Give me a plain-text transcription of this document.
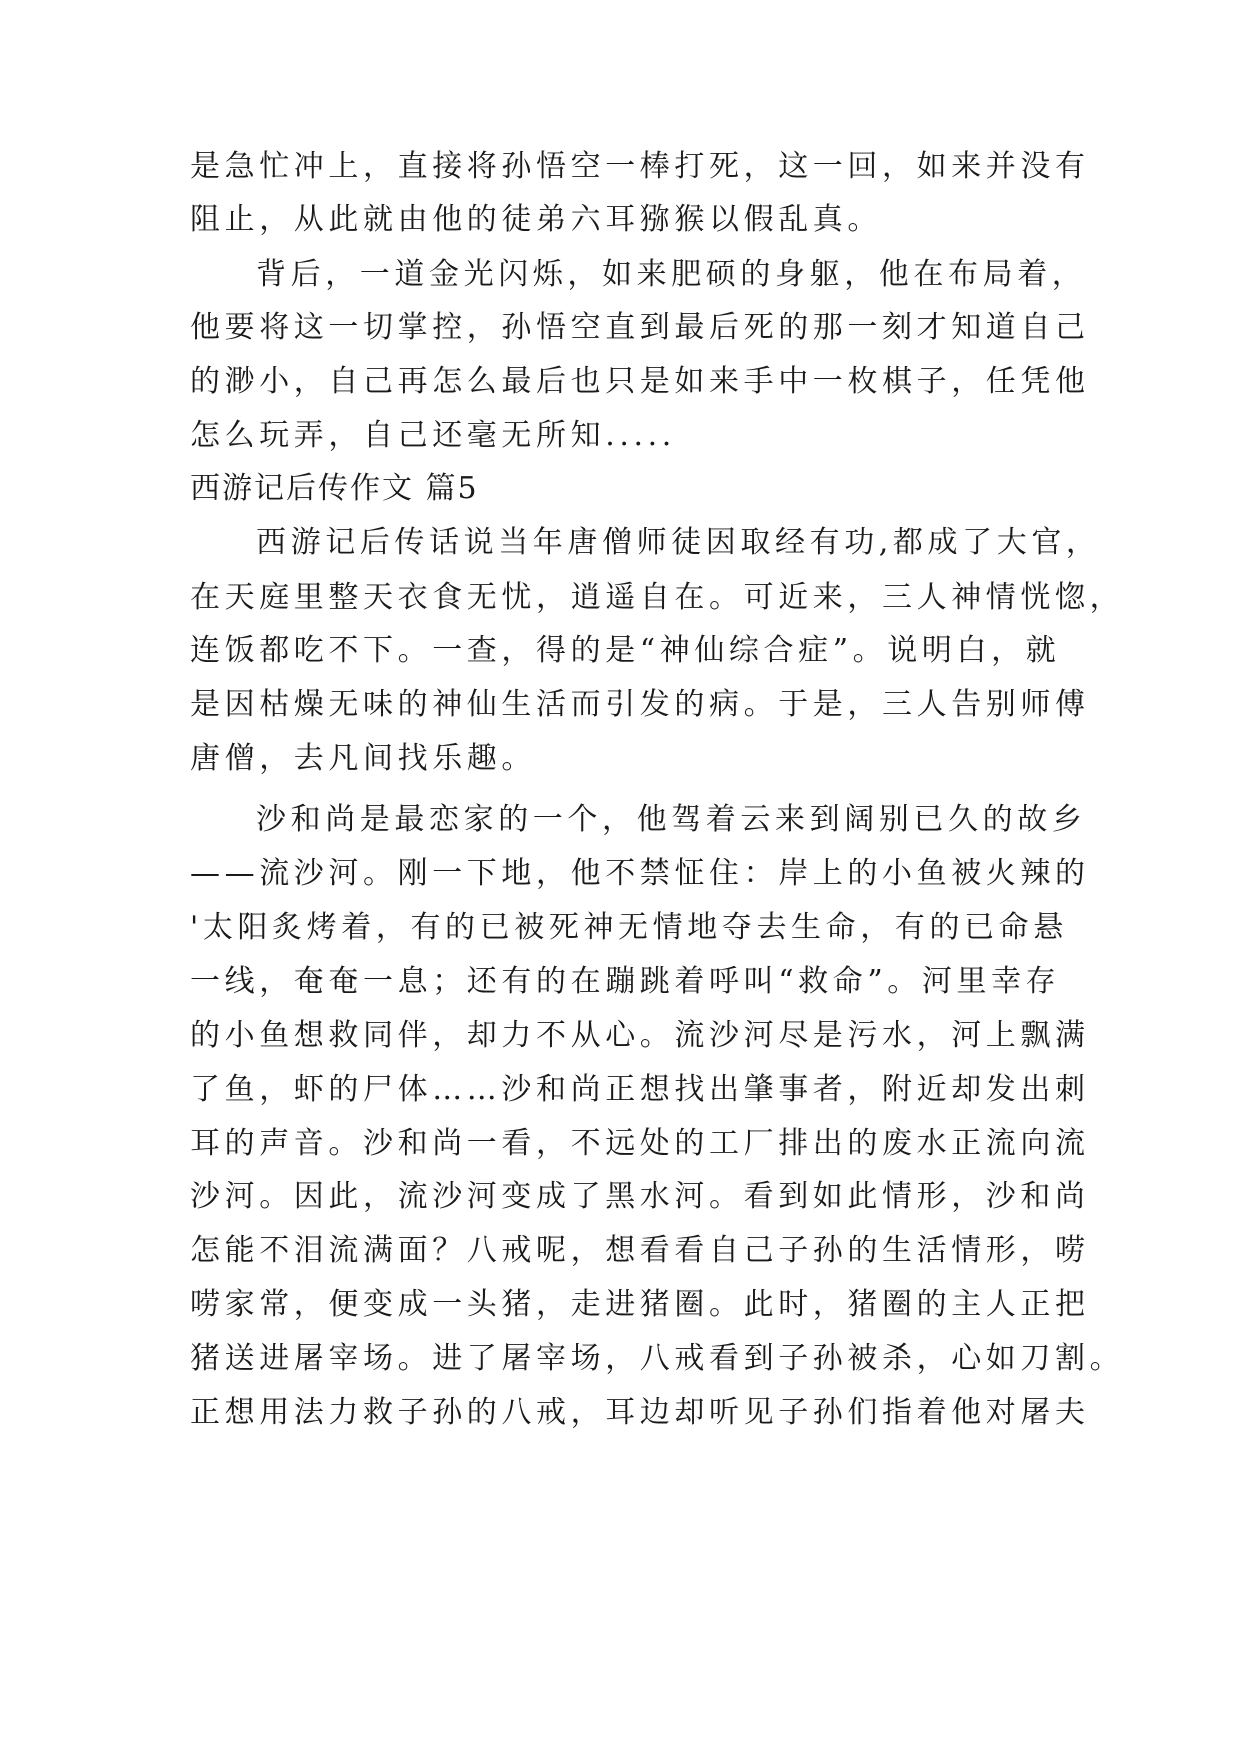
是急忙冲上，直接将孙悟空一棒打死，这一回，如来并没有
阻止，从此就由他的徒弟六耳猕猴以假乱真。
背后，一道金光闪烁，如来肥硕的身躯，他在布局着，
他要将这一切掌控，孙悟空直到最后死的那一刻才知道自己
的渺小，自己再怎么最后也只是如来手中一枚棋子，任凭他
怎么玩弄，自己还毫无所知.....
西游记后传作文 篇5
西游记后传话说当年唐僧师徒因取经有功,都成了大官，
在天庭里整天衣食无忧，逍遥自在。可近来，三人神情恍惚，
连饭都吃不下。一查，得的是“神仙综合症”。说明白，就
是因枯燥无味的神仙生活而引发的病。于是，三人告别师傅
唐僧，去凡间找乐趣。
沙和尚是最恋家的一个，他驾着云来到阔别已久的故乡
——流沙河。刚一下地，他不禁怔住：岸上的小鱼被火辣的
'太阳炙烤着，有的已被死神无情地夺去生命，有的已命悬
一线，奄奄一息；还有的在蹦跳着呼叫“救命”。河里幸存
的小鱼想救同伴，却力不从心。流沙河尽是污水，河上飘满
了鱼，虾的尸体……沙和尚正想找出肇事者，附近却发出刺
耳的声音。沙和尚一看，不远处的工厂排出的废水正流向流
沙河。因此，流沙河变成了黑水河。看到如此情形，沙和尚
怎能不泪流满面？八戒呢，想看看自己子孙的生活情形，唠
唠家常，便变成一头猪，走进猪圈。此时，猪圈的主人正把
猪送进屠宰场。进了屠宰场，八戒看到子孙被杀，心如刀割。
正想用法力救子孙的八戒，耳边却听见子孙们指着他对屠夫
